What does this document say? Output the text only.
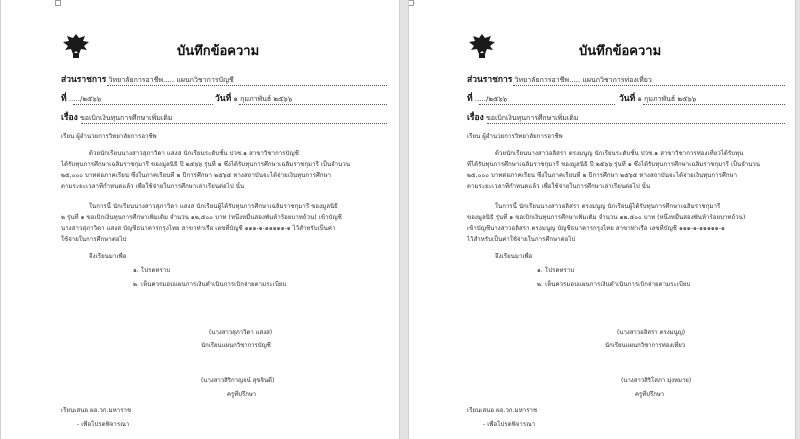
บันทึกข้อความ
ส่วนราชการ วิทยาลัยการอาชีพ..... แผนกวิชาการบัญชี
ที่ ...../๒๕๖๖	วันที่ ๑ กุมภาพันธ์ ๒๕๖๖
เรื่อง ขอเบิกเงินทุนการศึกษาเพิ่มเติม
เรียน ผู้อำนวยการวิทยาลัยการอาชีพ
ด้วยนักเรียนนางสาวสุภาวิดา แสงส นักเรียนระดับชั้น ปวช.๑ สาขาวิชาการบัญชี
ได้รับทุนการศึกษาเฉลิมราชกุมารี ของมูลนิธิ ปี ๒๕๖๖ รุ่นที่ ๑ ซึ่งได้รับทุนการศึกษาเฉลิมราชกุมารี เป็นจำนวน
๒๕,๐๐๐ บาทต่อภาคเรียน ซึ่งในภาคเรียนที่ ๒ ปีการศึกษา ๒๕๖๕ ทางสถาบันจะได้จ่ายเงินทุนการศึกษา
ตามระยะเวลาที่กำหนดแล้ว เพื่อใช้จ่ายในการศึกษาเล่าเรียนต่อไป นั้น
ในการนี้ นักเรียนนางสาวสุภาวิดา แสงส นักเรียนผู้ได้รับทุนการศึกษาเฉลิมราชกุมารี ของมูลนิธิ
๒ รุ่นที่ ๑ ขอเบิกเงินทุนการศึกษาเพิ่มเติม จำนวน ๑๒,๕๐๐ บาท (หนึ่งหมื่นสองพันห้าร้อยบาทถ้วน) เข้าบัญชี
นางสาวสุภาวิดา แสงส บัญชีธนาคารกรุงไทย สาขาท่าเรือ เลขที่บัญชี ๑๑๑-๑-๑๑๑๑๑-๑ ไว้สำหรับเป็นค่า
ใช้จ่ายในการศึกษาต่อไป
จึงเรียนมาเพื่อ
๑. โปรดทราบ
๒. เห็นควรมอบแผนการเงินดำเนินการเบิกจ่ายตามระเบียบ
(นางสาวสุภาวิดา แสงส)
นักเรียนแผนกวิชาการบัญชี
(นางสาวสิริกาญจน์ สุขจินดี)
ครูที่ปรึกษา
เรียนเสนอ ผอ.วก.มหาราช
- เพื่อโปรดพิจารณา
บันทึกข้อความ
ส่วนราชการ วิทยาลัยการอาชีพ..... แผนกวิชาการท่องเที่ยว
ที่ ...../๒๕๖๖	วันที่ ๑ กุมภาพันธ์ ๒๕๖๖
เรื่อง ขอเบิกเงินทุนการศึกษาเพิ่มเติม
เรียน ผู้อำนวยการวิทยาลัยการอาชีพ
ด้วยนักเรียนนางสาวอลิสรา ตรงมนูญ นักเรียนระดับชั้น ปวช.๑ สาขาวิชาการท่องเที่ยวได้รับทุน
ที่ได้รับทุนการศึกษาเฉลิมราชกุมารี ของมูลนิธิ ปี ๒๕๖๖ รุ่นที่ ๑ ซึ่งได้รับทุนการศึกษาเฉลิมราชกุมารี เป็นจำนวน
๒๕,๐๐๐ บาทต่อภาคเรียน ซึ่งในภาคเรียนที่ ๒ ปีการศึกษา ๒๕๖๕ ทางสถาบันจะได้จ่ายเงินทุนการศึกษา
ตามระยะเวลาที่กำหนดแล้ว เพื่อใช้จ่ายในการศึกษาเล่าเรียนต่อไป นั้น
ในการนี้ นักเรียนนางสาวอลิสรา ตรงมนูญ นักเรียนผู้ได้รับทุนการศึกษาเฉลิมราชกุมารี
ของมูลนิธิ รุ่นที่ ๑ ขอเบิกเงินทุนการศึกษาเพิ่มเติม จำนวน ๑๒,๕๐๐ บาท (หนึ่งหมื่นสองพันห้าร้อยบาทถ้วน)
เข้าบัญชีนางสาวอลิสรา ตรงมนูญ บัญชีธนาคารกรุงไทย สาขาท่าเรือ เลขที่บัญชี ๑๑๑-๑-๑๑๑๑๑-๑
ไว้สำหรับเป็นค่าใช้จ่ายในการศึกษาต่อไป
จึงเรียนมาเพื่อ
๑. โปรดทราบ
๒. เห็นควรมอบแผนการเงินดำเนินการเบิกจ่ายตามระเบียบ
(นางสาวอลิสรา ตรงมนูญ)
นักเรียนแผนกวิชาการท่องเที่ยว
(นางสาวสิริโสภา มุ่งหมาย)
ครูที่ปรึกษา
เรียนเสนอ ผอ.วก.มหาราช
- เพื่อโปรดพิจารณา
